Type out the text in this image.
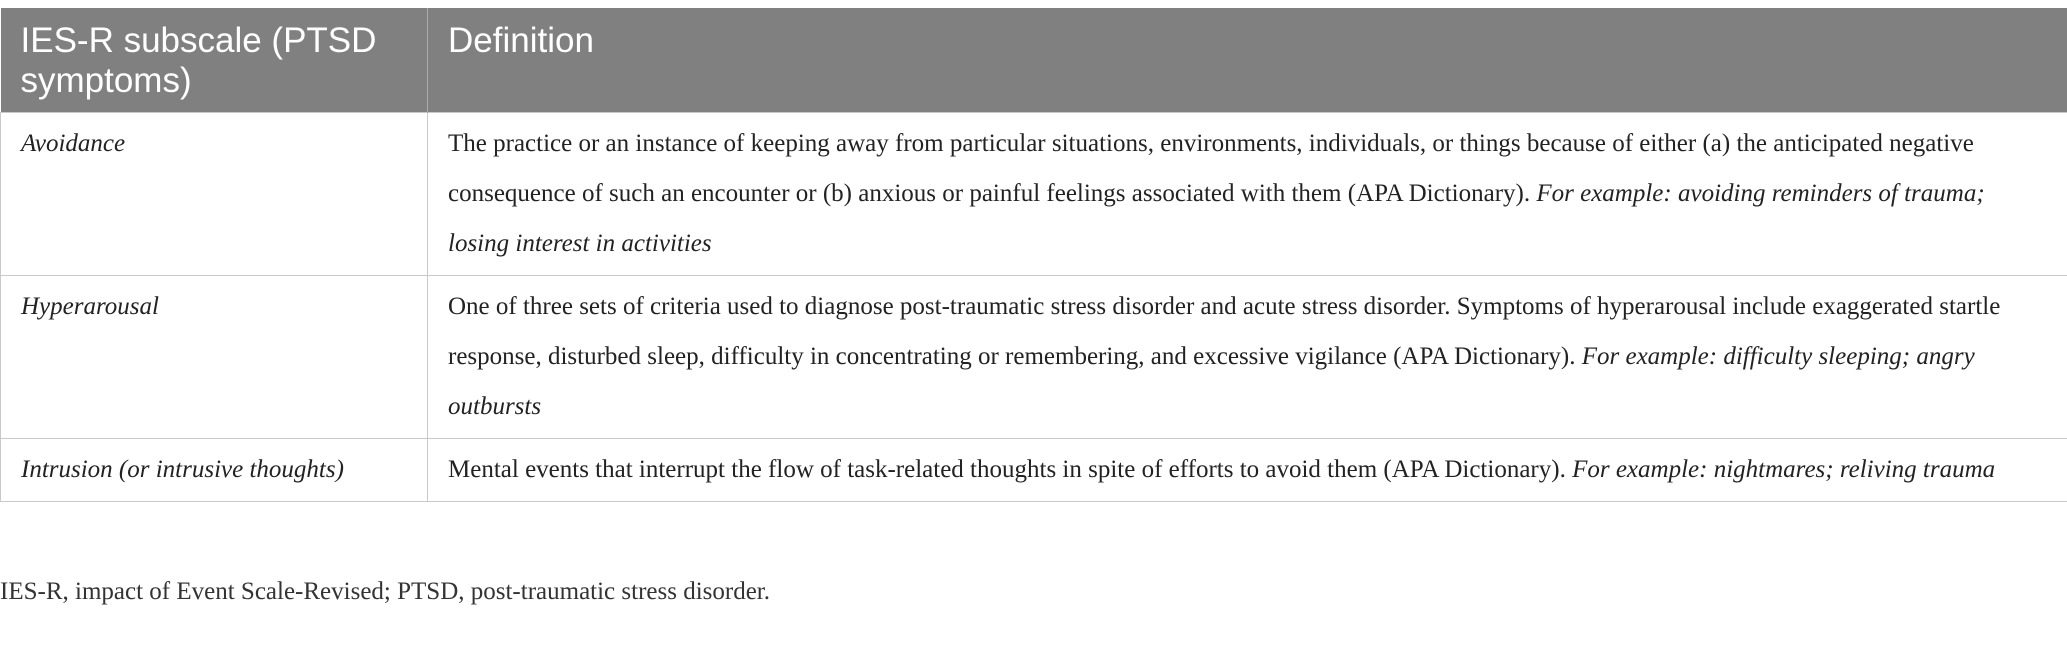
IES-R subscale (PTSD symptoms)	Definition
Avoidance	The practice or an instance of keeping away from particular situations, environments, individuals, or things because of either (a) the anticipated negative consequence of such an encounter or (b) anxious or painful feelings associated with them (APA Dictionary). For example: avoiding reminders of trauma; losing interest in activities
Hyperarousal	One of three sets of criteria used to diagnose post-traumatic stress disorder and acute stress disorder. Symptoms of hyperarousal include exaggerated startle response, disturbed sleep, difficulty in concentrating or remembering, and excessive vigilance (APA Dictionary). For example: difficulty sleeping; angry outbursts
Intrusion (or intrusive thoughts)	Mental events that interrupt the flow of task-related thoughts in spite of efforts to avoid them (APA Dictionary). For example: nightmares; reliving trauma
IES-R, impact of Event Scale-Revised; PTSD, post-traumatic stress disorder.
